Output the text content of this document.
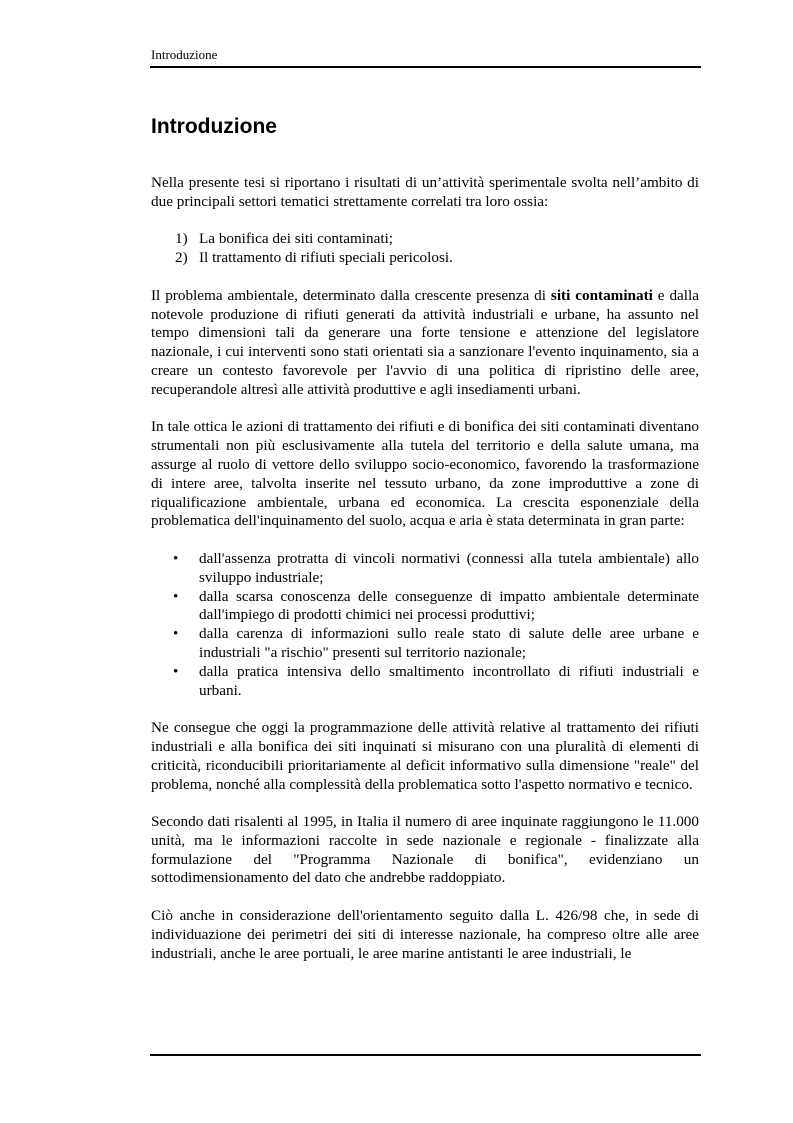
Introduzione
Introduzione

Nella presente tesi si riportano i risultati di un’attività sperimentale svolta nell’ambito di due principali settori tematici strettamente correlati tra loro ossia:

1) La bonifica dei siti contaminati;
2) Il trattamento di rifiuti speciali pericolosi.

Il problema ambientale, determinato dalla crescente presenza di siti contaminati e dalla notevole produzione di rifiuti generati da attività industriali e urbane, ha assunto nel tempo dimensioni tali da generare una forte tensione e attenzione del legislatore nazionale, i cui interventi sono stati orientati sia a sanzionare l'evento inquinamento, sia a creare un contesto favorevole per l'avvio di una politica di ripristino delle aree, recuperandole altresì alle attività produttive e agli insediamenti urbani.

In tale ottica le azioni di trattamento dei rifiuti e di bonifica dei siti contaminati diventano strumentali non più esclusivamente alla tutela del territorio e della salute umana, ma assurge al ruolo di vettore dello sviluppo socio-economico, favorendo la trasformazione di intere aree, talvolta inserite nel tessuto urbano, da zone improduttive a zone di riqualificazione ambientale, urbana ed economica. La crescita esponenziale della problematica dell'inquinamento del suolo, acqua e aria è stata determinata in gran parte:

• dall'assenza protratta di vincoli normativi (connessi alla tutela ambientale) allo sviluppo industriale;
• dalla scarsa conoscenza delle conseguenze di impatto ambientale determinate dall'impiego di prodotti chimici nei processi produttivi;
• dalla carenza di informazioni sullo reale stato di salute delle aree urbane e industriali "a rischio" presenti sul territorio nazionale;
• dalla pratica intensiva dello smaltimento incontrollato di rifiuti industriali e urbani.

Ne consegue che oggi la programmazione delle attività relative al trattamento dei rifiuti industriali e alla bonifica dei siti inquinati si misurano con una pluralità di elementi di criticità, riconducibili prioritariamente al deficit informativo sulla dimensione "reale" del problema, nonché alla complessità della problematica sotto l'aspetto normativo e tecnico.

Secondo dati risalenti al 1995, in Italia il numero di aree inquinate raggiungono le 11.000 unità, ma le informazioni raccolte in sede nazionale e regionale - finalizzate alla formulazione del "Programma Nazionale di bonifica", evidenziano un sottodimensionamento del dato che andrebbe raddoppiato.

Ciò anche in considerazione dell'orientamento seguito dalla L. 426/98 che, in sede di individuazione dei perimetri dei siti di interesse nazionale, ha compreso oltre alle aree industriali, anche le aree portuali, le aree marine antistanti le aree industriali, le
